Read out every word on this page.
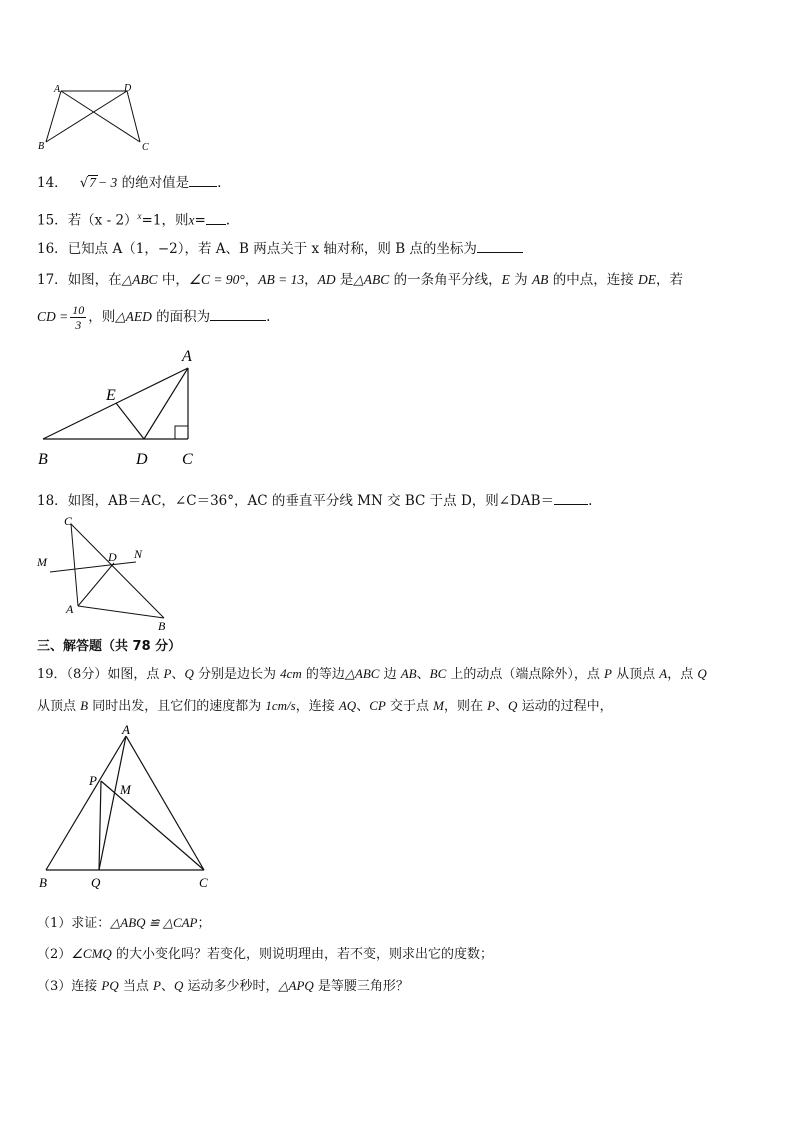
A	D
B	C
14． √7 − 3 的绝对值是 .
15．若（x - 2）$^x$=1，则x= .
16．已知点 A（1，−2），若 A、B 两点关于 x 轴对称，则 B 点的坐标为
17．如图，在△ABC 中，∠C = 90°，AB = 13，AD 是△ABC 的一条角平分线，E 为 AB 的中点，连接 DE，若
CD = $\frac{10}{3}$ ，则△AED 的面积为	.
A
E
B	D C
18．如图，AB＝AC，∠C＝36°，AC 的垂直平分线 MN 交 BC 于点 D，则∠DAB＝	.
C
M	D N
A
B
三、解答题（共 78 分）
19．（8分）如图，点 P、Q 分别是边长为 4cm 的等边△ABC 边 AB、BC 上的动点（端点除外），点 P 从顶点 A，点 Q
从顶点 B 同时出发，且它们的速度都为 1cm/s，连接 AQ、CP 交于点 M，则在 P、Q 运动的过程中，
A
P
M
B	Q	C
（1）求证：△ABQ ≌ △CAP；
（2）∠CMQ 的大小变化吗？若变化，则说明理由，若不变，则求出它的度数；
（3）连接 PQ 当点 P、Q 运动多少秒时，△APQ 是等腰三角形？
